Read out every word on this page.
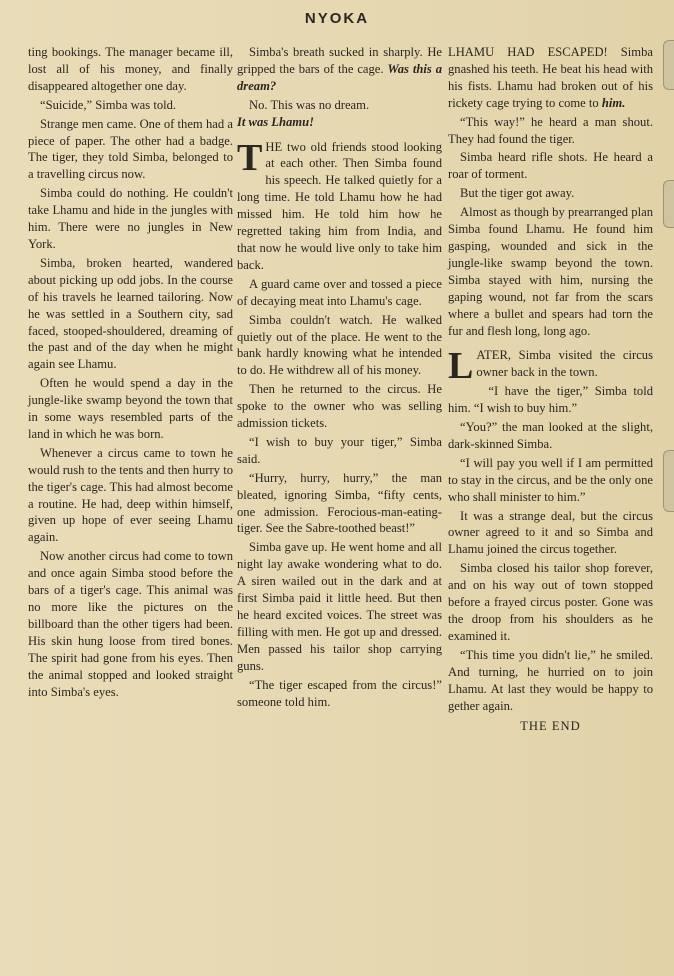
NYOKA

ting bookings. The manager became ill, lost all of his money, and finally disappeared altogether one day.

“Suicide,” Simba was told.

Strange men came. One of them had a piece of paper. The other had a badge. The tiger, they told Simba, belonged to a travelling circus now.

Simba could do nothing. He couldn't take Lhamu and hide in the jungles with him. There were no jungles in New York.

Simba, broken hearted, wandered about picking up odd jobs. In the course of his travels he learned tailoring. Now he was settled in a Southern city, sad faced, stooped-shouldered, dreaming of the past and of the day when he might again see Lhamu.

Often he would spend a day in the jungle-like swamp beyond the town that in some ways resembled parts of the land in which he was born.

Whenever a circus came to town he would rush to the tents and then hurry to the tiger's cage. This had almost become a routine. He had, deep within himself, given up hope of ever seeing Lhamu again.

Now another circus had come to town and once again Simba stood before the bars of a tiger's cage. This animal was no more like the pictures on the billboard than the other tigers had been. His skin hung loose from tired bones. The spirit had gone from his eyes. Then the animal stopped and looked straight into Simba's eyes.

Simba's breath sucked in sharply. He gripped the bars of the cage. Was this a dream?

No. This was no dream.
It was Lhamu!

THE two old friends stood looking at each other. Then Simba found his speech. He talked quietly for a long time. He told Lhamu how he had missed him. He told him how he regretted taking him from India, and that now he would live only to take him back.

A guard came over and tossed a piece of decaying meat into Lhamu's cage.

Simba couldn't watch. He walked quietly out of the place. He went to the bank hardly knowing what he intended to do. He withdrew all of his money.

Then he returned to the circus. He spoke to the owner who was selling admission tickets.

“I wish to buy your tiger,” Simba said.

“Hurry, hurry, hurry,” the man bleated, ignoring Simba, “fifty cents, one admission. Ferocious-man-eating-tiger. See the Sabre-toothed beast!”

Simba gave up. He went home and all night lay awake wondering what to do. A siren wailed out in the dark and at first Simba paid it little heed. But then he heard excited voices. The street was filling with men. He got up and dressed. Men passed his tailor shop carrying guns.

“The tiger escaped from the circus!” someone told him.

LHAMU HAD ESCAPED! Simba gnashed his teeth. He beat his head with his fists. Lhamu had broken out of his rickety cage trying to come to him.

“This way!” he heard a man shout. They had found the tiger.

Simba heard rifle shots. He heard a roar of torment.

But the tiger got away.

Almost as though by prearranged plan Simba found Lhamu. He found him gasping, wounded and sick in the jungle-like swamp beyond the town. Simba stayed with him, nursing the gaping wound, not far from the scars where a bullet and spears had torn the fur and flesh long, long ago.

LATER, Simba visited the circus owner back in the town.

“I have the tiger,” Simba told him. “I wish to buy him.”

“You?” the man looked at the slight, dark-skinned Simba.

“I will pay you well if I am permitted to stay in the circus, and be the only one who shall minister to him.”

It was a strange deal, but the circus owner agreed to it and so Simba and Lhamu joined the circus together.

Simba closed his tailor shop forever, and on his way out of town stopped before a frayed circus poster. Gone was the droop from his shoulders as he examined it.

“This time you didn't lie,” he smiled. And turning, he hurried on to join Lhamu. At last they would be happy to gether again.

THE END
